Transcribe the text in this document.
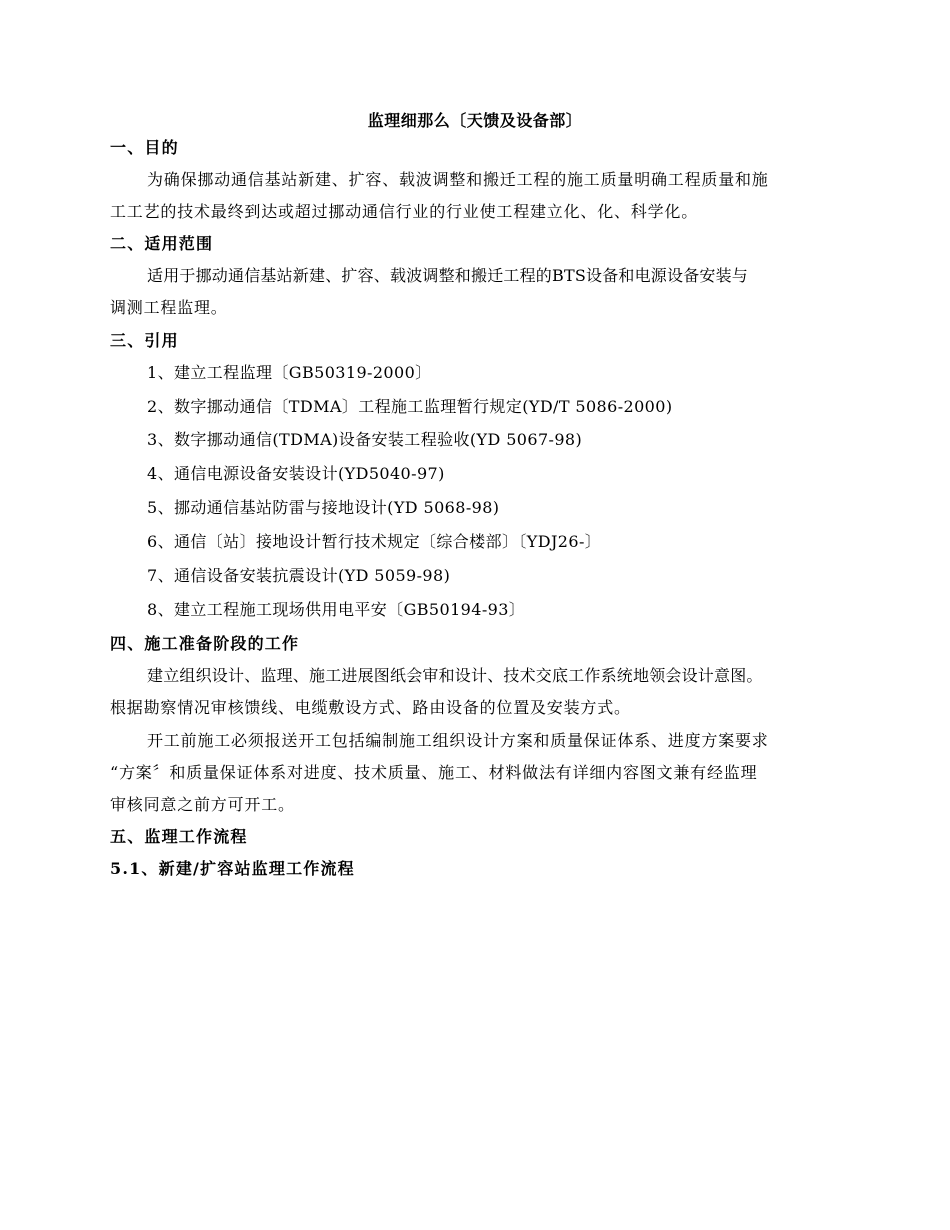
监理细那么〔天馈及设备部〕
一、目的
为确保挪动通信基站新建、扩容、载波调整和搬迁工程的施工质量明确工程质量和施
工工艺的技术最终到达或超过挪动通信行业的行业使工程建立化、化、科学化。
二、适用范围
适用于挪动通信基站新建、扩容、载波调整和搬迁工程的BTS设备和电源设备安装与
调测工程监理。
三、引用
1、建立工程监理〔GB50319-2000〕
2、数字挪动通信〔TDMA〕工程施工监理暂行规定(YD/T 5086-2000)
3、数字挪动通信(TDMA)设备安装工程验收(YD 5067-98)
4、通信电源设备安装设计(YD5040-97)
5、挪动通信基站防雷与接地设计(YD 5068-98)
6、通信〔站〕接地设计暂行技术规定〔综合楼部〕〔YDJ26-〕
7、通信设备安装抗震设计(YD 5059-98)
8、建立工程施工现场供用电平安〔GB50194-93〕
四、施工准备阶段的工作
建立组织设计、监理、施工进展图纸会审和设计、技术交底工作系统地领会设计意图。
根据勘察情况审核馈线、电缆敷设方式、路由设备的位置及安装方式。
开工前施工必须报送开工包括编制施工组织设计方案和质量保证体系、进度方案要求
“方案〞和质量保证体系对进度、技术质量、施工、材料做法有详细内容图文兼有经监理
审核同意之前方可开工。
五、监理工作流程
5.1、新建/扩容站监理工作流程
